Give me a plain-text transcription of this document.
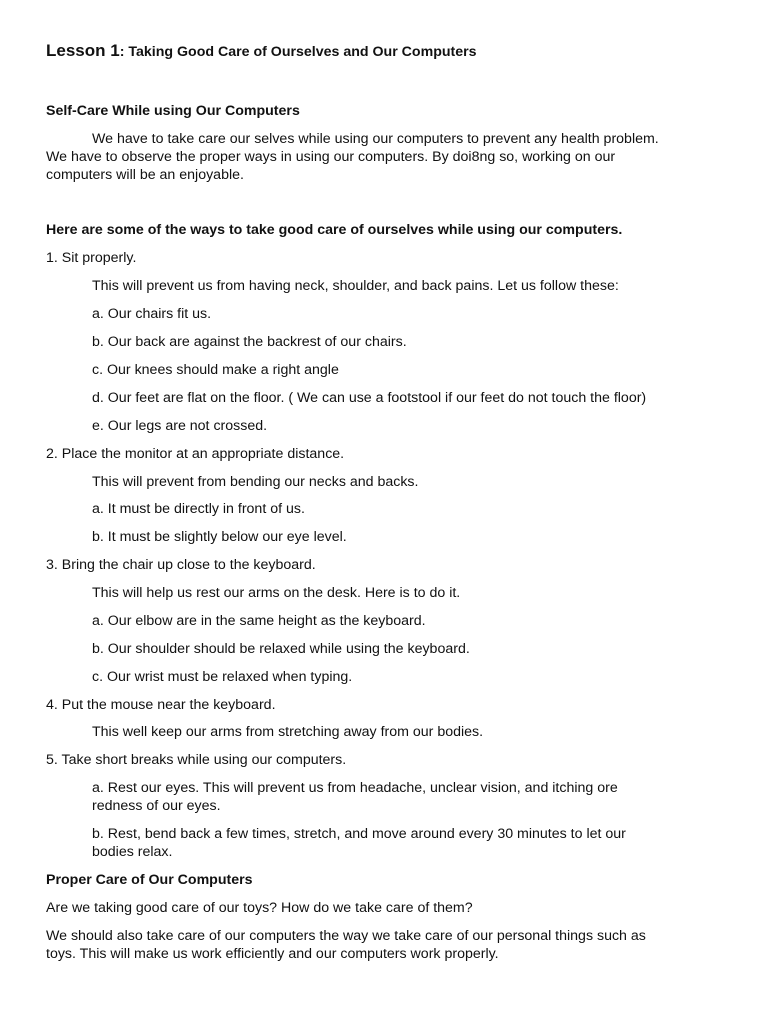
Lesson 1: Taking Good Care of Ourselves and Our Computers
Self-Care While using Our Computers
We have to take care our selves while using our computers to prevent any health problem.
We have to observe the proper ways in using our computers. By doi8ng so, working on our
computers will be an enjoyable.
Here are some of the ways to take good care of ourselves while using our computers.
1. Sit properly.
This will prevent us from having neck, shoulder, and back pains. Let us follow these:
a. Our chairs fit us.
b. Our back are against the backrest of our chairs.
c. Our knees should make a right angle
d. Our feet are flat on the floor. ( We can use a footstool if our feet do not touch the floor)
e. Our legs are not crossed.
2. Place the monitor at an appropriate distance.
This will prevent from bending our necks and backs.
a. It must be directly in front of us.
b. It must be slightly below our eye level.
3. Bring the chair up close to the keyboard.
This will help us rest our arms on the desk. Here is to do it.
a. Our elbow are in the same height as the keyboard.
b. Our shoulder should be relaxed while using the keyboard.
c. Our wrist must be relaxed when typing.
4. Put the mouse near the keyboard.
This well keep our arms from stretching away from our bodies.
5. Take short breaks while using our computers.
a. Rest our eyes. This will prevent us from headache, unclear vision, and itching ore
redness of our eyes.
b. Rest, bend back a few times, stretch, and move around every 30 minutes to let our
bodies relax.
Proper Care of Our Computers
Are we taking good care of our toys? How do we take care of them?
We should also take care of our computers the way we take care of our personal things such as
toys. This will make us work efficiently and our computers work properly.
